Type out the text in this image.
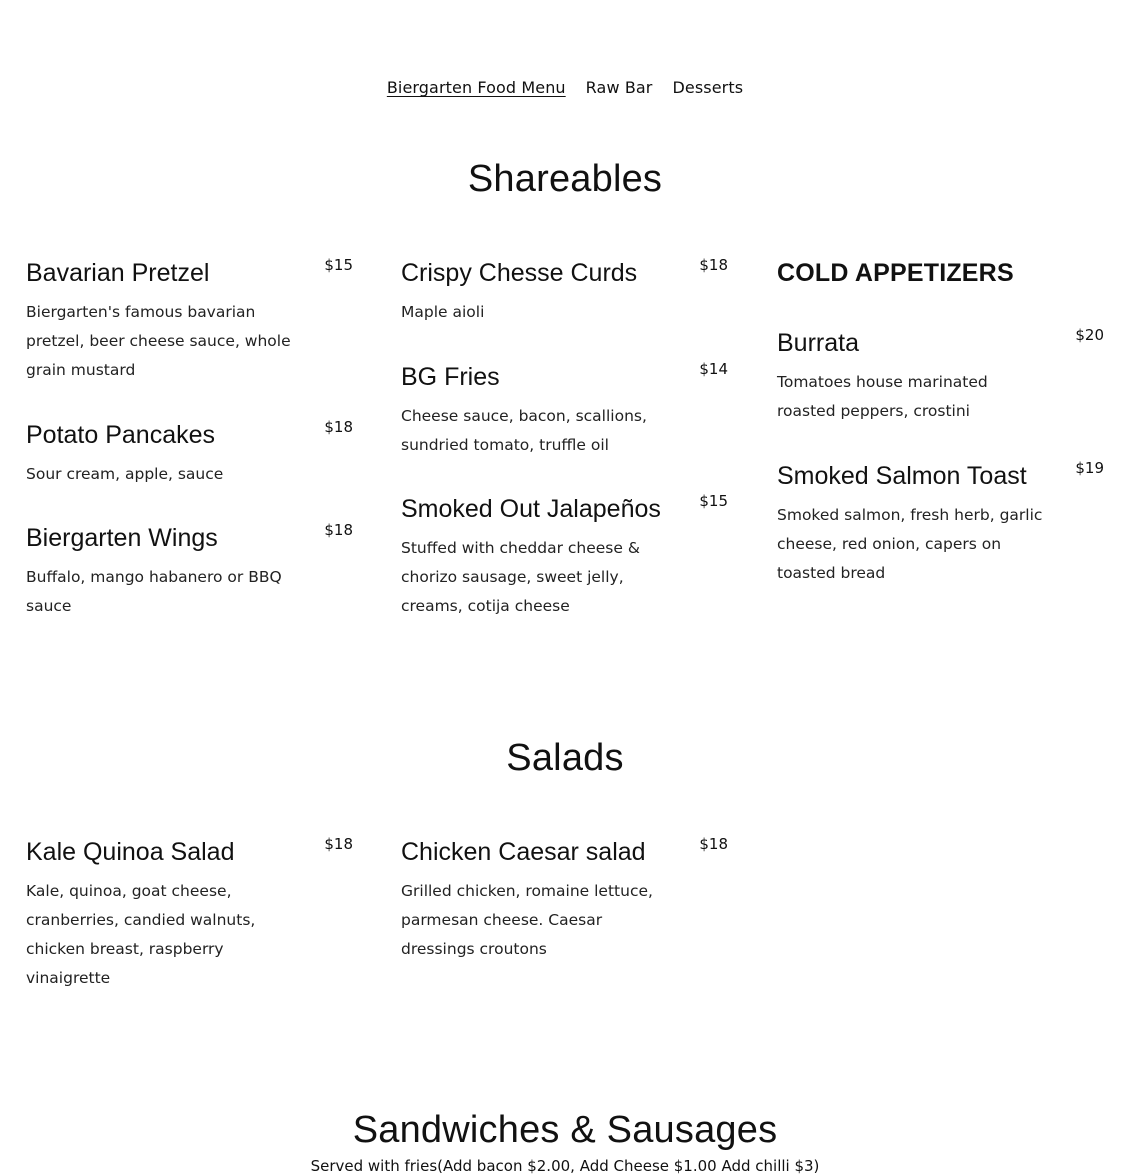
Biergarten Food Menu Raw Bar Desserts
Shareables
Bavarian Pretzel	$15

Biergarten's famous bavarian pretzel, beer cheese sauce, whole grain mustard

Potato Pancakes	$18

Sour cream, apple, sauce

Biergarten Wings	$18

Buffalo, mango habanero or BBQ sauce

Crispy Chesse Curds	$18

Maple aioli

BG Fries	$14

Cheese sauce, bacon, scallions, sundried tomato, truffle oil

Smoked Out Jalapeños	$15

Stuffed with cheddar cheese & chorizo sausage, sweet jelly, creams, cotija cheese

COLD APPETIZERS
Burrata	$20

Tomatoes house marinated roasted peppers, crostini

Smoked Salmon Toast	$19

Smoked salmon, fresh herb, garlic cheese, red onion, capers on toasted bread

Salads
Kale Quinoa Salad	$18

Kale, quinoa, goat cheese, cranberries, candied walnuts, chicken breast, raspberry vinaigrette

Chicken Caesar salad	$18

Grilled chicken, romaine lettuce, parmesan cheese. Caesar dressings croutons

Sandwiches & Sausages

Served with fries(Add bacon $2.00, Add Cheese $1.00 Add chilli $3)
